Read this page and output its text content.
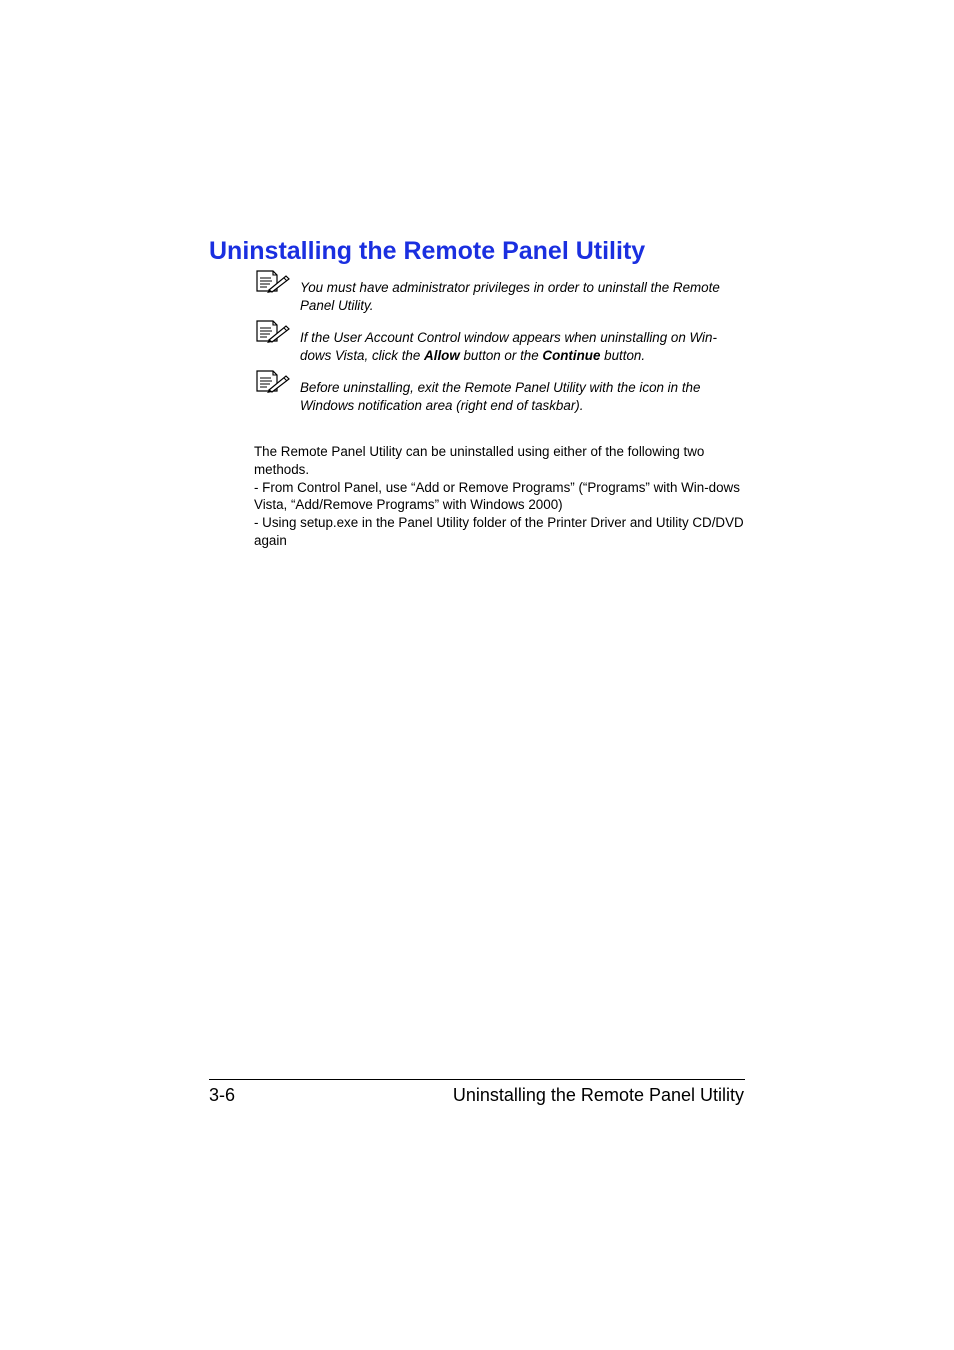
Uninstalling the Remote Panel Utility

You must have administrator privileges in order to uninstall the Remote Panel Utility.

If the User Account Control window appears when uninstalling on Win-dows Vista, click the Allow button or the Continue button.

Before uninstalling, exit the Remote Panel Utility with the icon in the Windows notification area (right end of taskbar).

The Remote Panel Utility can be uninstalled using either of the following two methods.

- From Control Panel, use “Add or Remove Programs” (“Programs” with Win-dows Vista, “Add/Remove Programs” with Windows 2000)

- Using setup.exe in the Panel Utility folder of the Printer Driver and Utility CD/DVD again

3-6	Uninstalling the Remote Panel Utility
